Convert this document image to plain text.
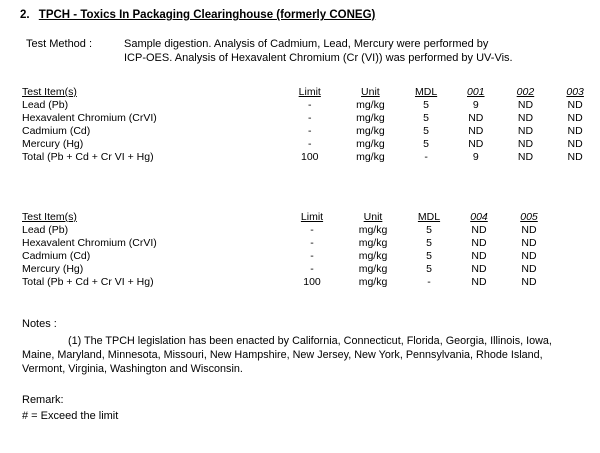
2. TPCH - Toxics In Packaging Clearinghouse (formerly CONEG)
Test Method :	Sample digestion. Analysis of Cadmium, Lead, Mercury were performed by
ICP-OES. Analysis of Hexavalent Chromium (Cr (VI)) was performed by UV-Vis.
Test Item(s)	Limit	Unit	MDL	001	002	003
Lead (Pb)	-	mg/kg	5	9	ND	ND
Hexavalent Chromium (CrVI)	-	mg/kg	5	ND	ND	ND
Cadmium (Cd)	-	mg/kg	5	ND	ND	ND
Mercury (Hg)	-	mg/kg	5	ND	ND	ND
Total (Pb + Cd + Cr VI + Hg)	100	mg/kg	-	9	ND	ND
Test Item(s)	Limit	Unit	MDL	004	005
Lead (Pb)	-	mg/kg	5	ND	ND
Hexavalent Chromium (CrVI)	-	mg/kg	5	ND	ND
Cadmium (Cd)	-	mg/kg	5	ND	ND
Mercury (Hg)	-	mg/kg	5	ND	ND
Total (Pb + Cd + Cr VI + Hg)	100	mg/kg	-	ND	ND
Notes :
(1) The TPCH legislation has been enacted by California, Connecticut, Florida, Georgia, Illinois, Iowa, Maine, Maryland, Minnesota, Missouri, New Hampshire, New Jersey, New York, Pennsylvania, Rhode Island, Vermont, Virginia, Washington and Wisconsin.
Remark:
# = Exceed the limit
